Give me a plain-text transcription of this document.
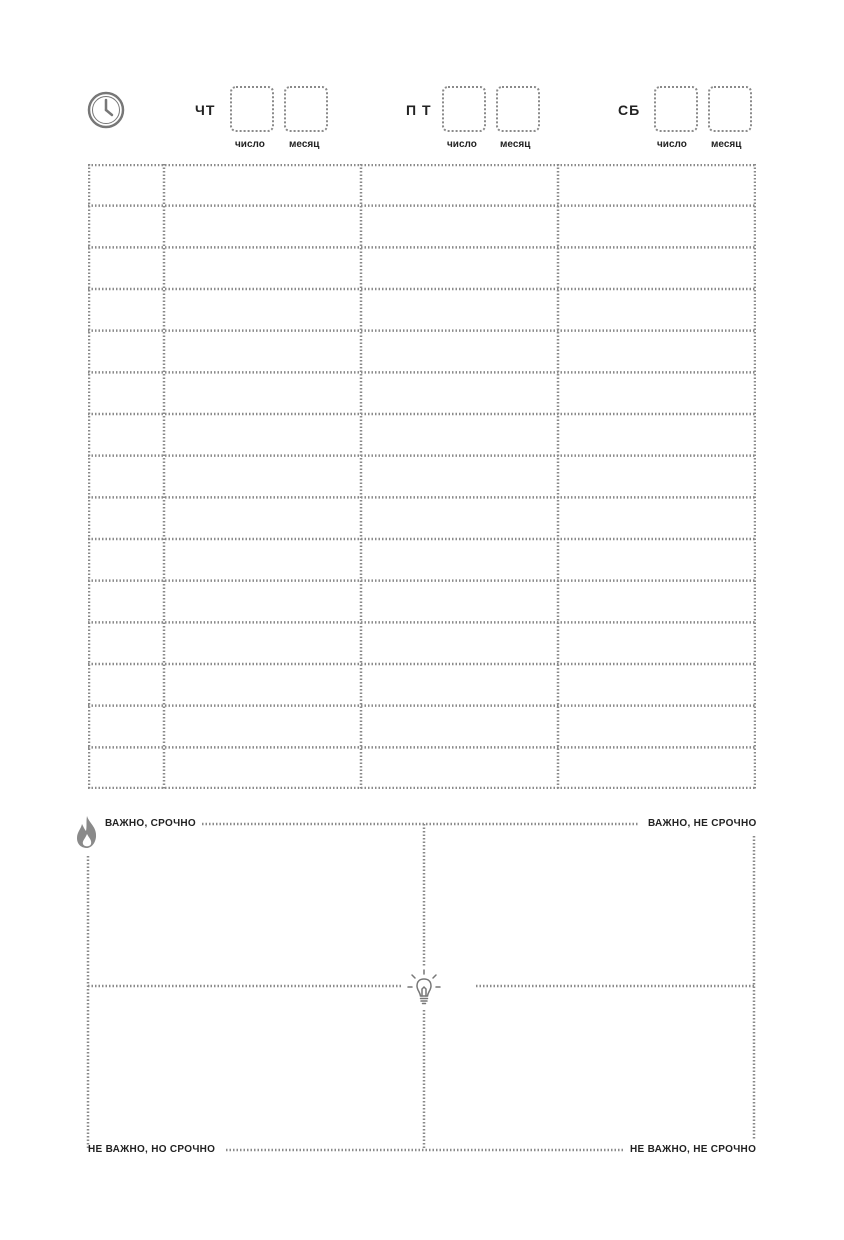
ЧТ
число месяц
П Т
число месяц
СБ
число месяц
ВАЖНО, СРОЧНО	ВАЖНО, НЕ СРОЧНО
НЕ ВАЖНО, НО СРОЧНО	НЕ ВАЖНО, НЕ СРОЧНО
